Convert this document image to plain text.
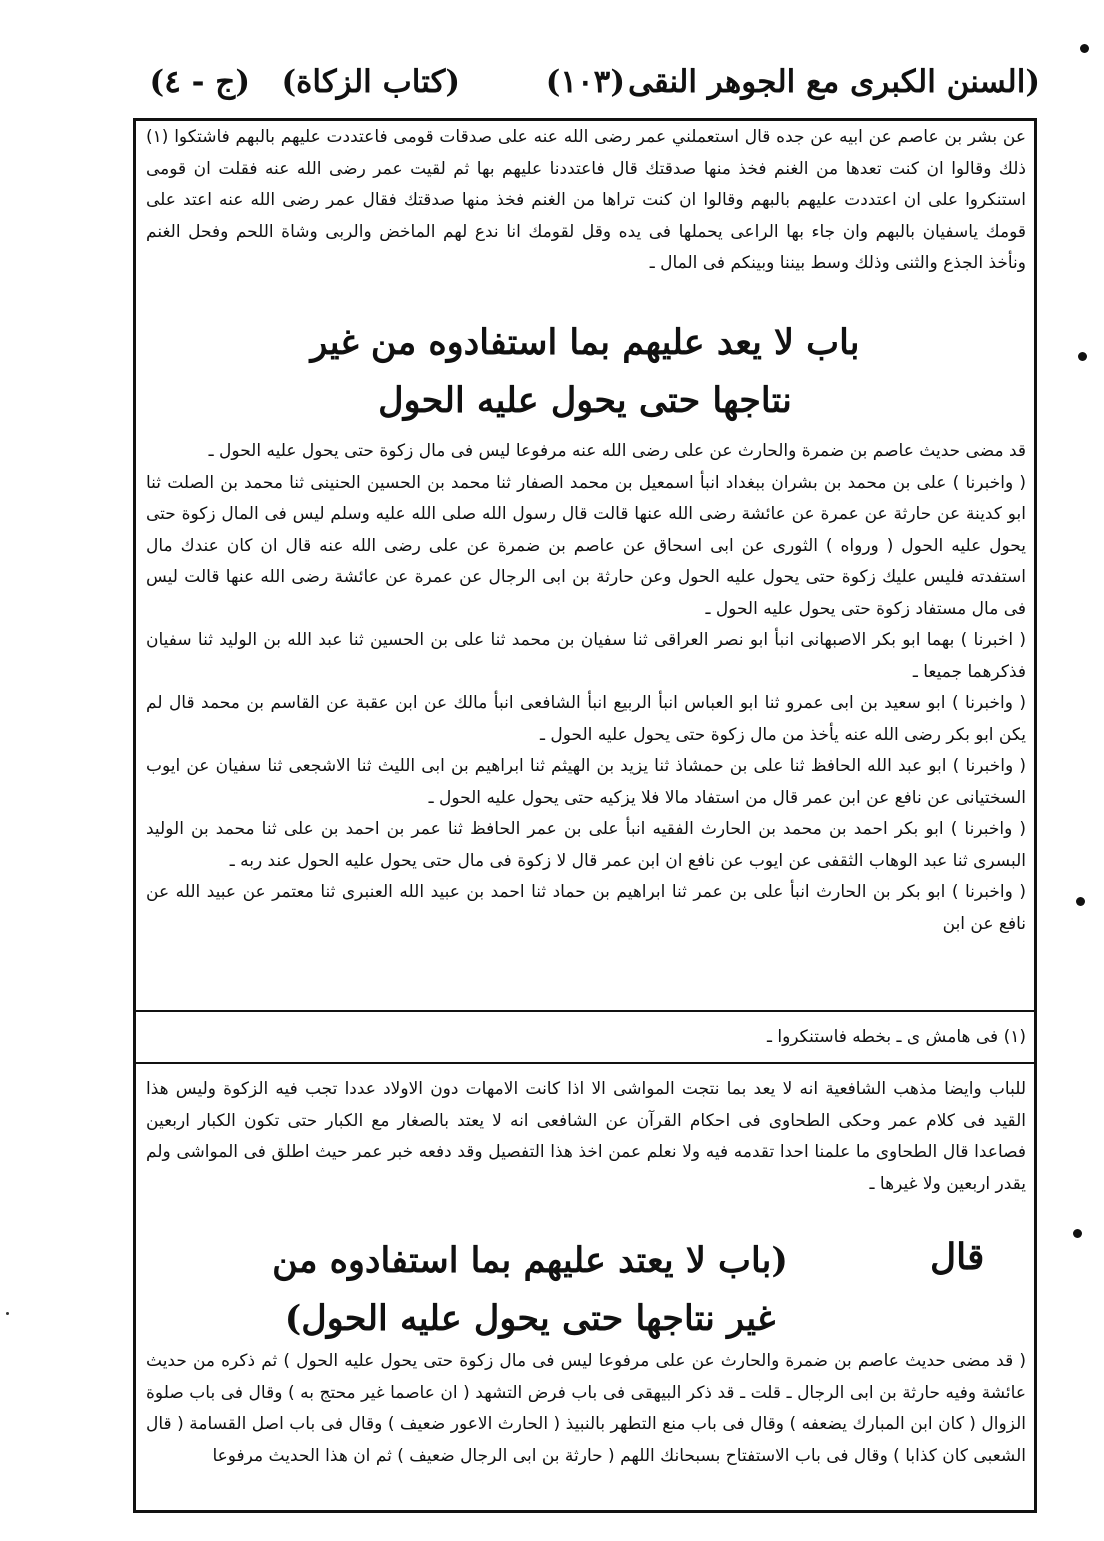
(السنن الكبرى مع الجوهر النقى
(١٠٣)
(كتاب الزكاة)
(ج - ٤)

عن بشر بن عاصم عن ابيه عن جده قال استعملني عمر رضى الله عنه على صدقات قومى فاعتددت عليهم بالبهم فاشتكوا (١) ذلك وقالوا ان كنت تعدها من الغنم فخذ منها صدقتك قال فاعتددنا عليهم بها ثم لقيت عمر رضى الله عنه فقلت ان قومى استنكروا على ان اعتددت عليهم بالبهم وقالوا ان كنت تراها من الغنم فخذ منها صدقتك فقال عمر رضى الله عنه اعتد على قومك ياسفيان بالبهم وان جاء بها الراعى يحملها فى يده وقل لقومك انا ندع لهم الماخض والربى وشاة اللحم وفحل الغنم ونأخذ الجذع والثنى وذلك وسط بيننا وبينكم فى المال ـ

باب لا يعد عليهم بما استفادوه من غير
نتاجها حتى يحول عليه الحول

قد مضى حديث عاصم بن ضمرة والحارث عن على رضى الله عنه مرفوعا ليس فى مال زكوة حتى يحول عليه الحول ـ

( واخبرنا ) على بن محمد بن بشران ببغداد انبأ اسمعيل بن محمد الصفار ثنا محمد بن الحسين الحنينى ثنا محمد بن الصلت ثنا ابو كدينة عن حارثة عن عمرة عن عائشة رضى الله عنها قالت قال رسول الله صلى الله عليه وسلم ليس فى المال زكوة حتى يحول عليه الحول ( ورواه ) الثورى عن ابى اسحاق عن عاصم بن ضمرة عن على رضى الله عنه قال ان كان عندك مال استفدته فليس عليك زكوة حتى يحول عليه الحول وعن حارثة بن ابى الرجال عن عمرة عن عائشة رضى الله عنها قالت ليس فى مال مستفاد زكوة حتى يحول عليه الحول ـ

( اخبرنا ) بهما ابو بكر الاصبهانى انبأ ابو نصر العراقى ثنا سفيان بن محمد ثنا على بن الحسين ثنا عبد الله بن الوليد ثنا سفيان فذكرهما جميعا ـ

( واخبرنا ) ابو سعيد بن ابى عمرو ثنا ابو العباس انبأ الربيع انبأ الشافعى انبأ مالك عن ابن عقبة عن القاسم بن محمد قال لم يكن ابو بكر رضى الله عنه يأخذ من مال زكوة حتى يحول عليه الحول ـ

( واخبرنا ) ابو عبد الله الحافظ ثنا على بن حمشاذ ثنا يزيد بن الهيثم ثنا ابراهيم بن ابى الليث ثنا الاشجعى ثنا سفيان عن ايوب السختيانى عن نافع عن ابن عمر قال من استفاد مالا فلا يزكيه حتى يحول عليه الحول ـ

( واخبرنا ) ابو بكر احمد بن محمد بن الحارث الفقيه انبأ على بن عمر الحافظ ثنا عمر بن احمد بن على ثنا محمد بن الوليد البسرى ثنا عبد الوهاب الثقفى عن ايوب عن نافع ان ابن عمر قال لا زكوة فى مال حتى يحول عليه الحول عند ربه ـ

( واخبرنا ) ابو بكر بن الحارث انبأ على بن عمر ثنا ابراهيم بن حماد ثنا احمد بن عبيد الله العنبرى ثنا معتمر عن عبيد الله عن نافع عن ابن

(١) فى هامش ى ـ بخطه فاستنكروا ـ

للباب وايضا مذهب الشافعية انه لا يعد بما نتجت المواشى الا اذا كانت الامهات دون الاولاد عددا تجب فيه الزكوة وليس هذا القيد فى كلام عمر وحكى الطحاوى فى احكام القرآن عن الشافعى انه لا يعتد بالصغار مع الكبار حتى تكون الكبار اربعين فصاعدا قال الطحاوى ما علمنا احدا تقدمه فيه ولا نعلم عمن اخذ هذا التفصيل وقد دفعه خبر عمر حيث اطلق فى المواشى ولم يقدر اربعين ولا غيرها ـ

قال
(باب لا يعتد عليهم بما استفادوه من
غير نتاجها حتى يحول عليه الحول)

( قد مضى حديث عاصم بن ضمرة والحارث عن على مرفوعا ليس فى مال زكوة حتى يحول عليه الحول ) ثم ذكره من حديث عائشة وفيه حارثة بن ابى الرجال ـ قلت ـ قد ذكر البيهقى فى باب فرض التشهد ( ان عاصما غير محتج به ) وقال فى باب صلوة الزوال ( كان ابن المبارك يضعفه ) وقال فى باب منع التطهر بالنبيذ ( الحارث الاعور ضعيف ) وقال فى باب اصل القسامة ( قال الشعبى كان كذابا ) وقال فى باب الاستفتاح بسبحانك اللهم ( حارثة بن ابى الرجال ضعيف ) ثم ان هذا الحديث مرفوعا
